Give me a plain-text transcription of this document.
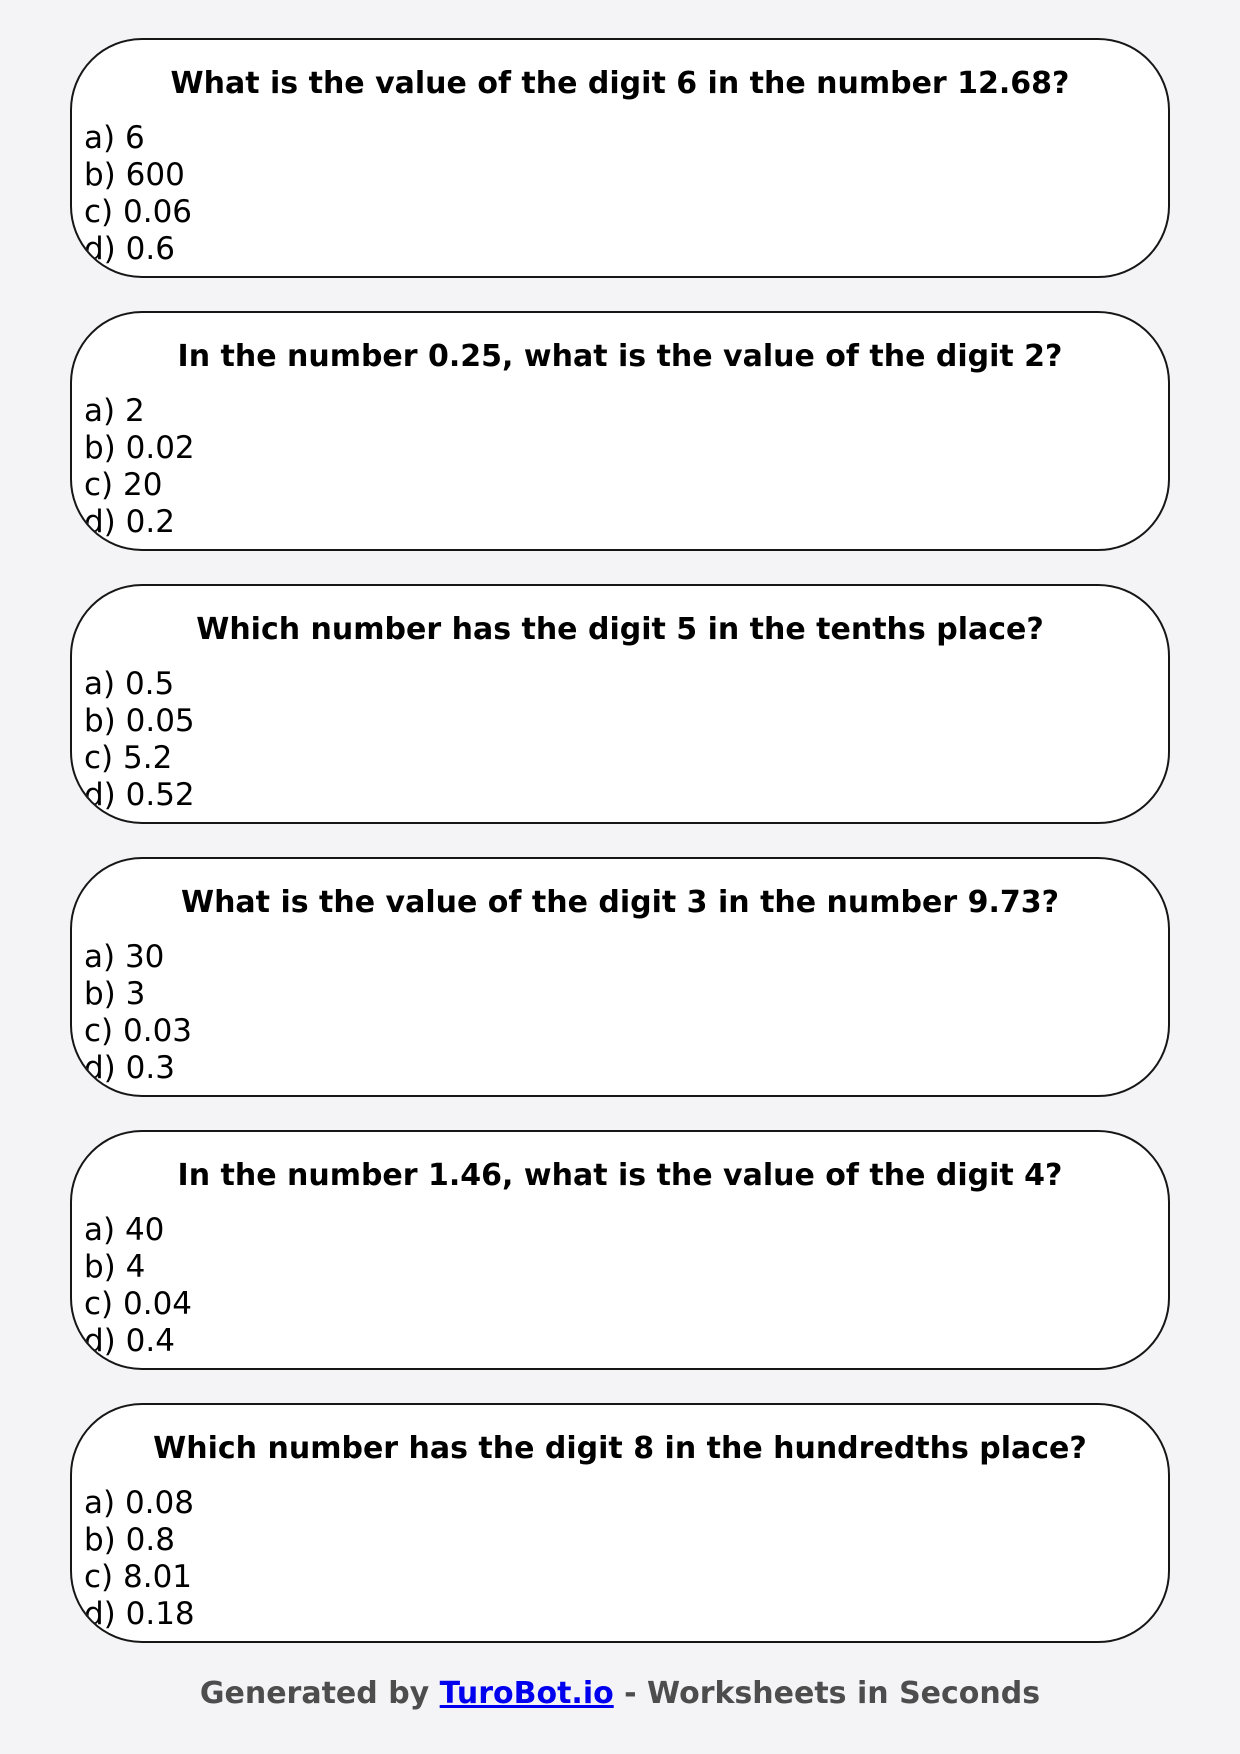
What is the value of the digit 6 in the number 12.68?
a) 6
b) 600
c) 0.06
d) 0.6
In the number 0.25, what is the value of the digit 2?
a) 2
b) 0.02
c) 20
d) 0.2
Which number has the digit 5 in the tenths place?
a) 0.5
b) 0.05
c) 5.2
d) 0.52
What is the value of the digit 3 in the number 9.73?
a) 30
b) 3
c) 0.03
d) 0.3
In the number 1.46, what is the value of the digit 4?
a) 40
b) 4
c) 0.04
d) 0.4
Which number has the digit 8 in the hundredths place?
a) 0.08
b) 0.8
c) 8.01
d) 0.18
Generated by TuroBot.io - Worksheets in Seconds
